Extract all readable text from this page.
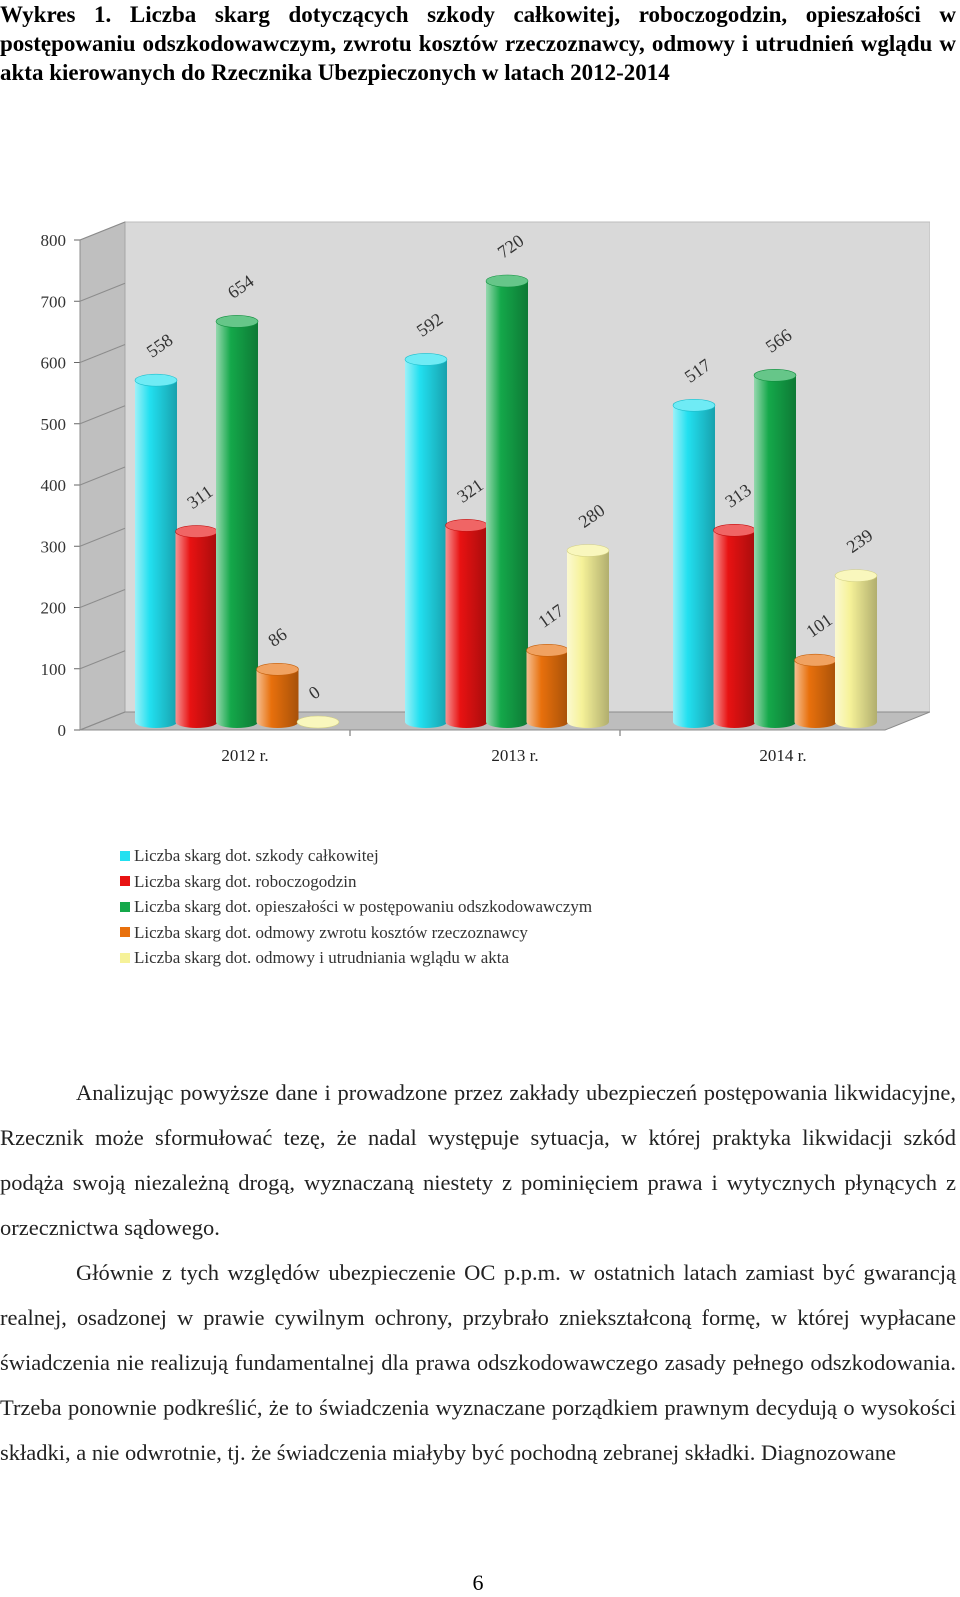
Wykres 1. Liczba skarg dotyczących szkody całkowitej, roboczogodzin, opieszałości w postępowaniu odszkodowawczym, zwrotu kosztów rzeczoznawcy, odmowy i utrudnień wglądu w akta kierowanych do Rzecznika Ubezpieczonych w latach 2012-2014

0
100
200
300
400
500
600
700
800
558
311
654
86
0
592
321
720
117
280
517
313
566
101
239
2012 r.	2013 r.	2014 r.
Liczba skarg dot. szkody całkowitej
Liczba skarg dot. roboczogodzin
Liczba skarg dot. opieszałości w postępowaniu odszkodowawczym
Liczba skarg dot. odmowy zwrotu kosztów rzeczoznawcy
Liczba skarg dot. odmowy i utrudniania wglądu w akta

Analizując powyższe dane i prowadzone przez zakłady ubezpieczeń postępowania likwidacyjne, Rzecznik może sformułować tezę, że nadal występuje sytuacja, w której praktyka likwidacji szkód podąża swoją niezależną drogą, wyznaczaną niestety z pominięciem prawa i wytycznych płynących z orzecznictwa sądowego.

Głównie z tych względów ubezpieczenie OC p.p.m. w ostatnich latach zamiast być gwarancją realnej, osadzonej w prawie cywilnym ochrony, przybrało zniekształconą formę, w której wypłacane świadczenia nie realizują fundamentalnej dla prawa odszkodowawczego zasady pełnego odszkodowania. Trzeba ponownie podkreślić, że to świadczenia wyznaczane porządkiem prawnym decydują o wysokości składki, a nie odwrotnie, tj. że świadczenia miałyby być pochodną zebranej składki. Diagnozowane

6
